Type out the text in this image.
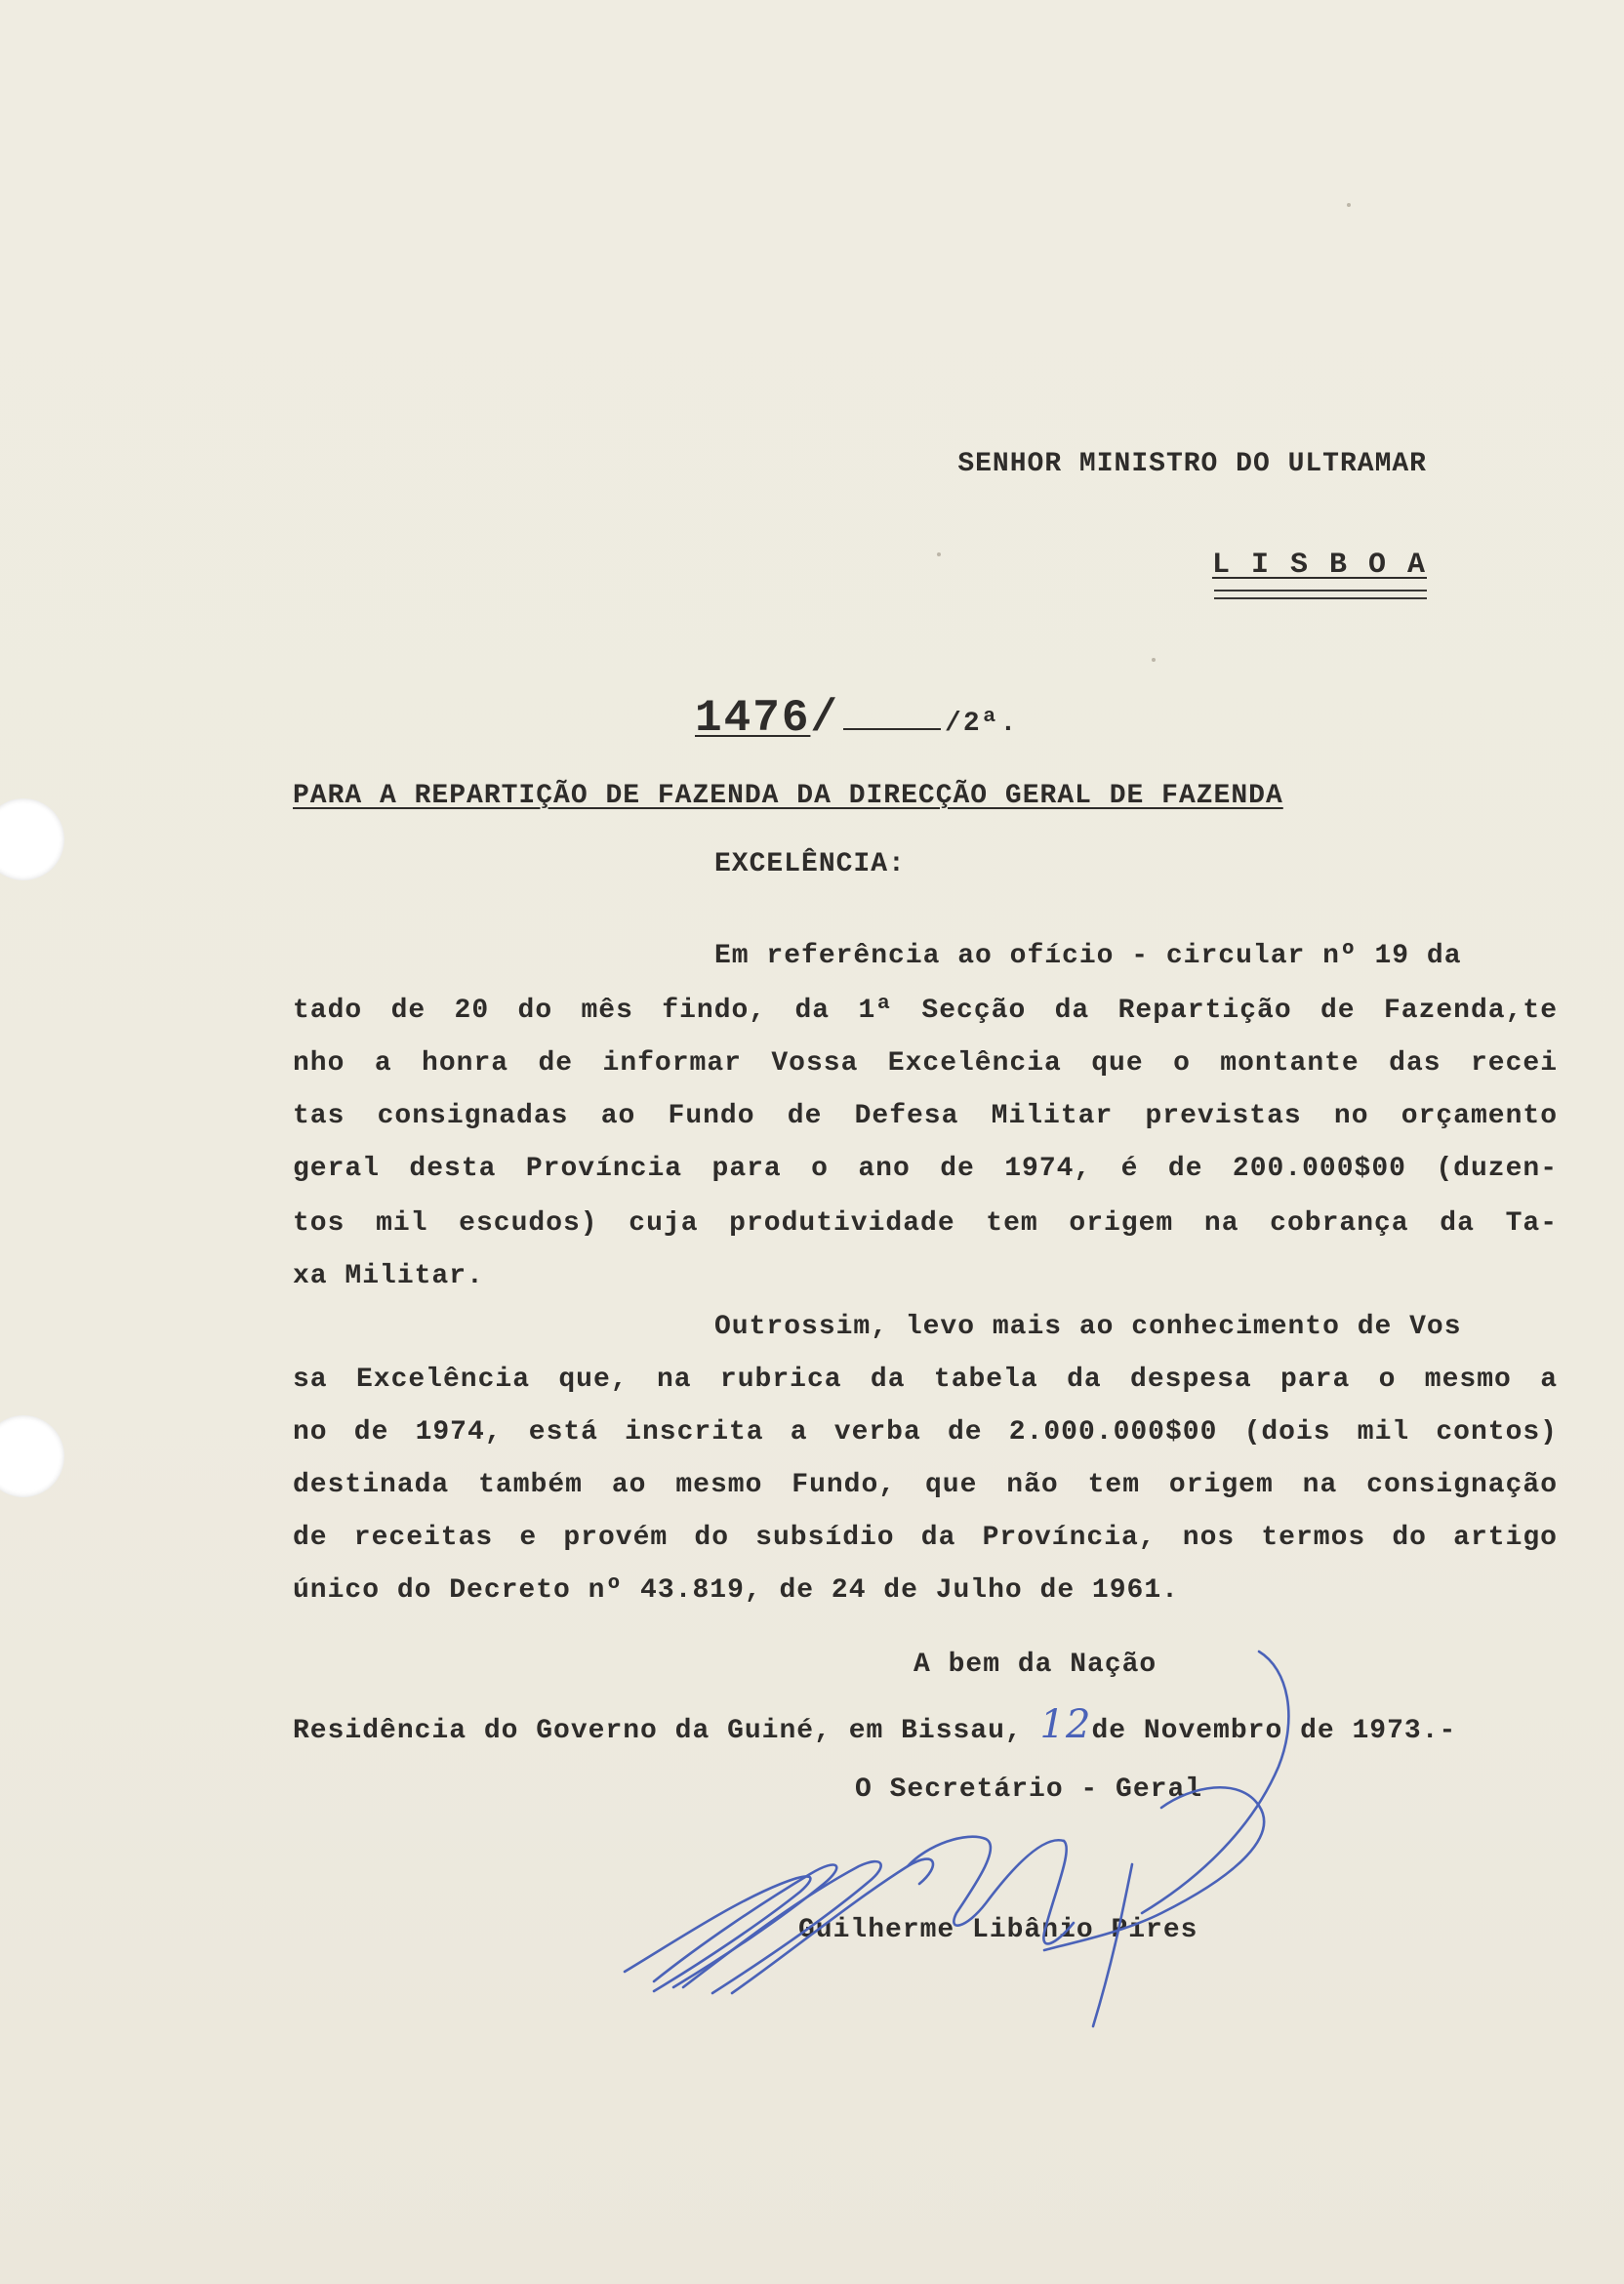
SENHOR MINISTRO DO ULTRAMAR
L I S B O A
1476/	/2ª.
PARA A REPARTIÇÃO DE FAZENDA DA DIRECÇÃO GERAL DE FAZENDA
EXCELÊNCIA:
Em referência ao ofício - circular nº 19 da
tado de 20 do mês findo, da 1ª Secção da Repartição de Fazenda,te
nho a honra de informar Vossa Excelência que o montante das recei
tas consignadas ao Fundo de Defesa Militar previstas no orçamento
geral desta Província para o ano de 1974, é de 200.000$00 (duzen-
tos mil escudos) cuja produtividade tem origem na cobrança da Ta-
xa Militar.
Outrossim, levo mais ao conhecimento de Vos
sa Excelência que, na rubrica da tabela da despesa para o mesmo a
no de 1974, está inscrita a verba de 2.000.000$00 (dois mil contos)
destinada também ao mesmo Fundo, que não tem origem na consignação
de receitas e provém do subsídio da Província, nos termos do artigo
único do Decreto nº 43.819, de 24 de Julho de 1961.
A bem da Nação
Residência do Governo da Guiné, em Bissau, 12de Novembro de 1973.-
O Secretário - Geral
Guilherme Libânio Pires
